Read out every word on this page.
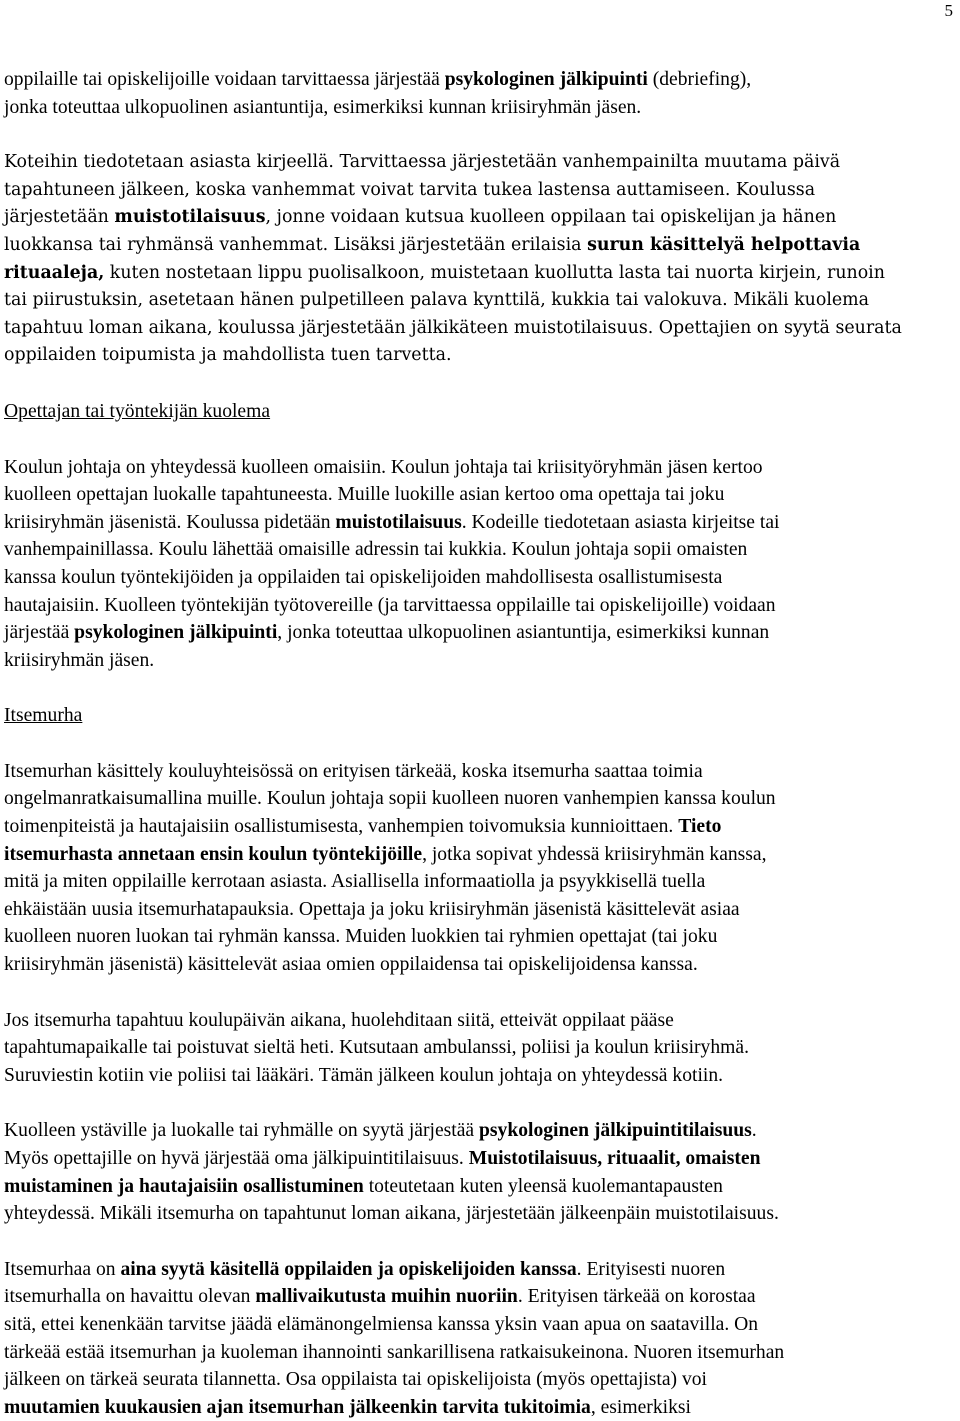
5

oppilaille tai opiskelijoille voidaan tarvittaessa järjestää psykologinen jälkipuinti (debriefing),
jonka toteuttaa ulkopuolinen asiantuntija, esimerkiksi kunnan kriisiryhmän jäsen.

Koteihin tiedotetaan asiasta kirjeellä. Tarvittaessa järjestetään vanhempainilta muutama päivä
tapahtuneen jälkeen, koska vanhemmat voivat tarvita tukea lastensa auttamiseen. Koulussa
järjestetään muistotilaisuus, jonne voidaan kutsua kuolleen oppilaan tai opiskelijan ja hänen
luokkansa tai ryhmänsä vanhemmat. Lisäksi järjestetään erilaisia surun käsittelyä helpottavia
rituaaleja, kuten nostetaan lippu puolisalkoon, muistetaan kuollutta lasta tai nuorta kirjein, runoin
tai piirustuksin, asetetaan hänen pulpetilleen palava kynttilä, kukkia tai valokuva. Mikäli kuolema
tapahtuu loman aikana, koulussa järjestetään jälkikäteen muistotilaisuus. Opettajien on syytä seurata
oppilaiden toipumista ja mahdollista tuen tarvetta.

Opettajan tai työntekijän kuolema

Koulun johtaja on yhteydessä kuolleen omaisiin. Koulun johtaja tai kriisityöryhmän jäsen kertoo
kuolleen opettajan luokalle tapahtuneesta. Muille luokille asian kertoo oma opettaja tai joku
kriisiryhmän jäsenistä. Koulussa pidetään muistotilaisuus. Kodeille tiedotetaan asiasta kirjeitse tai
vanhempainillassa. Koulu lähettää omaisille adressin tai kukkia. Koulun johtaja sopii omaisten
kanssa koulun työntekijöiden ja oppilaiden tai opiskelijoiden mahdollisesta osallistumisesta
hautajaisiin. Kuolleen työntekijän työtovereille (ja tarvittaessa oppilaille tai opiskelijoille) voidaan
järjestää psykologinen jälkipuinti, jonka toteuttaa ulkopuolinen asiantuntija, esimerkiksi kunnan
kriisiryhmän jäsen.

Itsemurha

Itsemurhan käsittely kouluyhteisössä on erityisen tärkeää, koska itsemurha saattaa toimia
ongelmanratkaisumallina muille. Koulun johtaja sopii kuolleen nuoren vanhempien kanssa koulun
toimenpiteistä ja hautajaisiin osallistumisesta, vanhempien toivomuksia kunnioittaen. Tieto
itsemurhasta annetaan ensin koulun työntekijöille, jotka sopivat yhdessä kriisiryhmän kanssa,
mitä ja miten oppilaille kerrotaan asiasta. Asiallisella informaatiolla ja psyykkisellä tuella
ehkäistään uusia itsemurhatapauksia. Opettaja ja joku kriisiryhmän jäsenistä käsittelevät asiaa
kuolleen nuoren luokan tai ryhmän kanssa. Muiden luokkien tai ryhmien opettajat (tai joku
kriisiryhmän jäsenistä) käsittelevät asiaa omien oppilaidensa tai opiskelijoidensa kanssa.

Jos itsemurha tapahtuu koulupäivän aikana, huolehditaan siitä, etteivät oppilaat pääse
tapahtumapaikalle tai poistuvat sieltä heti. Kutsutaan ambulanssi, poliisi ja koulun kriisiryhmä.
Suruviestin kotiin vie poliisi tai lääkäri. Tämän jälkeen koulun johtaja on yhteydessä kotiin.

Kuolleen ystäville ja luokalle tai ryhmälle on syytä järjestää psykologinen jälkipuintitilaisuus.
Myös opettajille on hyvä järjestää oma jälkipuintitilaisuus. Muistotilaisuus, rituaalit, omaisten
muistaminen ja hautajaisiin osallistuminen toteutetaan kuten yleensä kuolemantapausten
yhteydessä. Mikäli itsemurha on tapahtunut loman aikana, järjestetään jälkeenpäin muistotilaisuus.

Itsemurhaa on aina syytä käsitellä oppilaiden ja opiskelijoiden kanssa. Erityisesti nuoren
itsemurhalla on havaittu olevan mallivaikutusta muihin nuoriin. Erityisen tärkeää on korostaa
sitä, ettei kenenkään tarvitse jäädä elämänongelmiensa kanssa yksin vaan apua on saatavilla. On
tärkeää estää itsemurhan ja kuoleman ihannointi sankarillisena ratkaisukeinona. Nuoren itsemurhan
jälkeen on tärkeä seurata tilannetta. Osa oppilaista tai opiskelijoista (myös opettajista) voi
muutamien kuukausien ajan itsemurhan jälkeenkin tarvita tukitoimia, esimerkiksi
